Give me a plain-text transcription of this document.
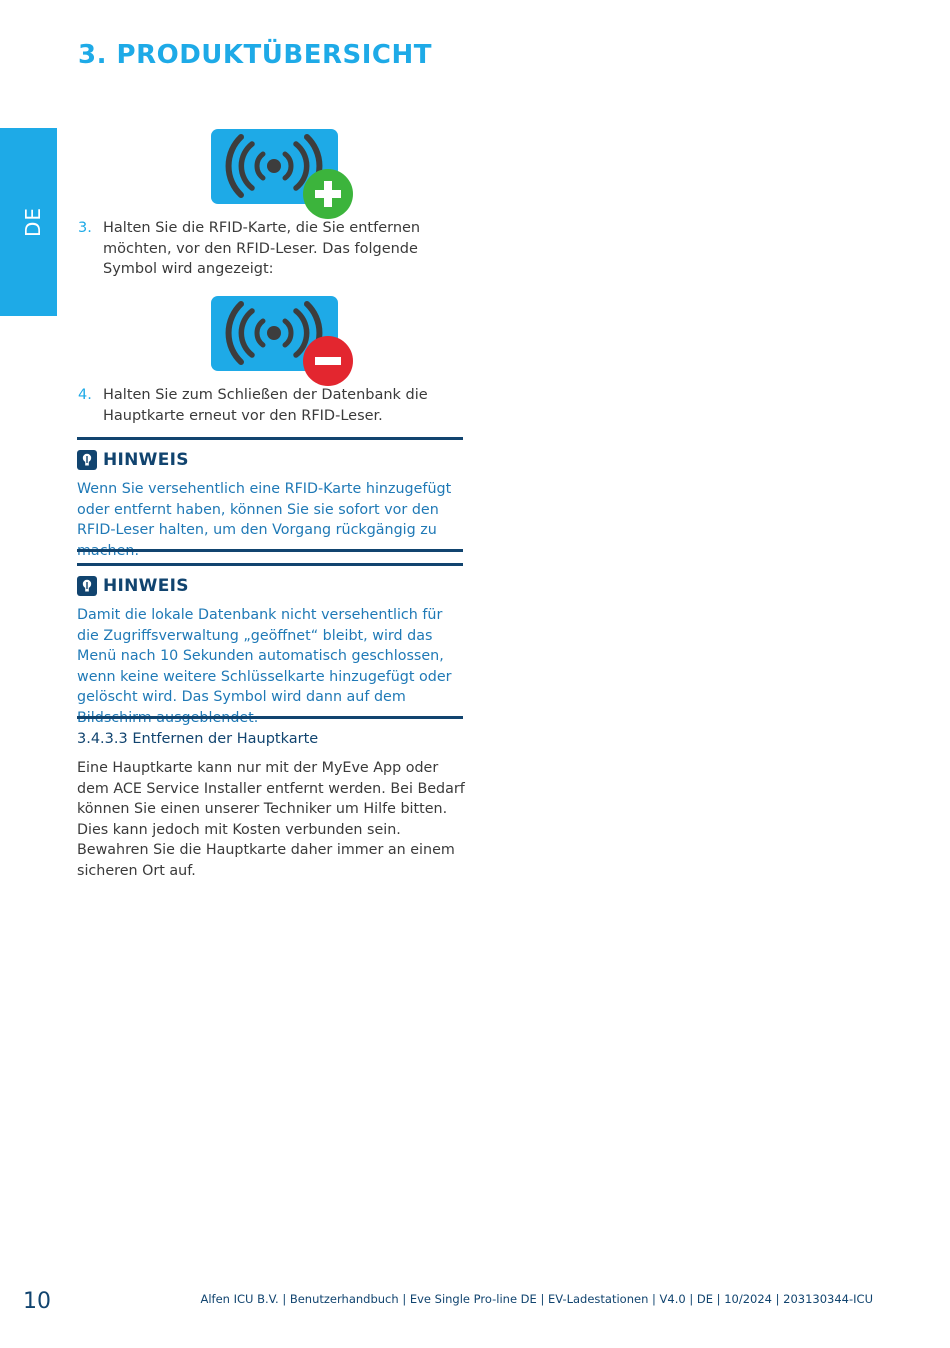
3. PRODUKTÜBERSICHT
DE 3. Halten Sie die RFID-Karte, die Sie entfernen möchten, vor den RFID-Leser. Das folgende Symbol wird angezeigt:
4. Halten Sie zum Schließen der Datenbank die Hauptkarte erneut vor den RFID-Leser.
HINWEIS
Wenn Sie versehentlich eine RFID-Karte hinzugefügt oder entfernt haben, können Sie sie sofort vor den RFID-Leser halten, um den Vorgang rückgängig zu
HINWEIS
Damit die lokale Datenbank nicht versehentlich für die Zugriffsverwaltung „geöffnet“ bleibt, wird das Menü nach 10 Sekunden automatisch geschlossen, wenn keine weitere Schlüsselkarte hinzugefügt oder gelöscht wird. Das Symbol wird dann auf dem
3.4.3.3 Entfernen der Hauptkarte
Eine Hauptkarte kann nur mit der MyEve App oder dem ACE Service Installer entfernt werden. Bei Bedarf können Sie einen unserer Techniker um Hilfe bitten. Dies kann jedoch mit Kosten verbunden sein. Bewahren Sie die Hauptkarte daher immer an einem sicheren Ort auf.
10	Alfen ICU B.V. | Benutzerhandbuch | Eve Single Pro-line DE | EV-Ladestationen | V4.0 | DE | 10/2024 | 203130344-ICU
